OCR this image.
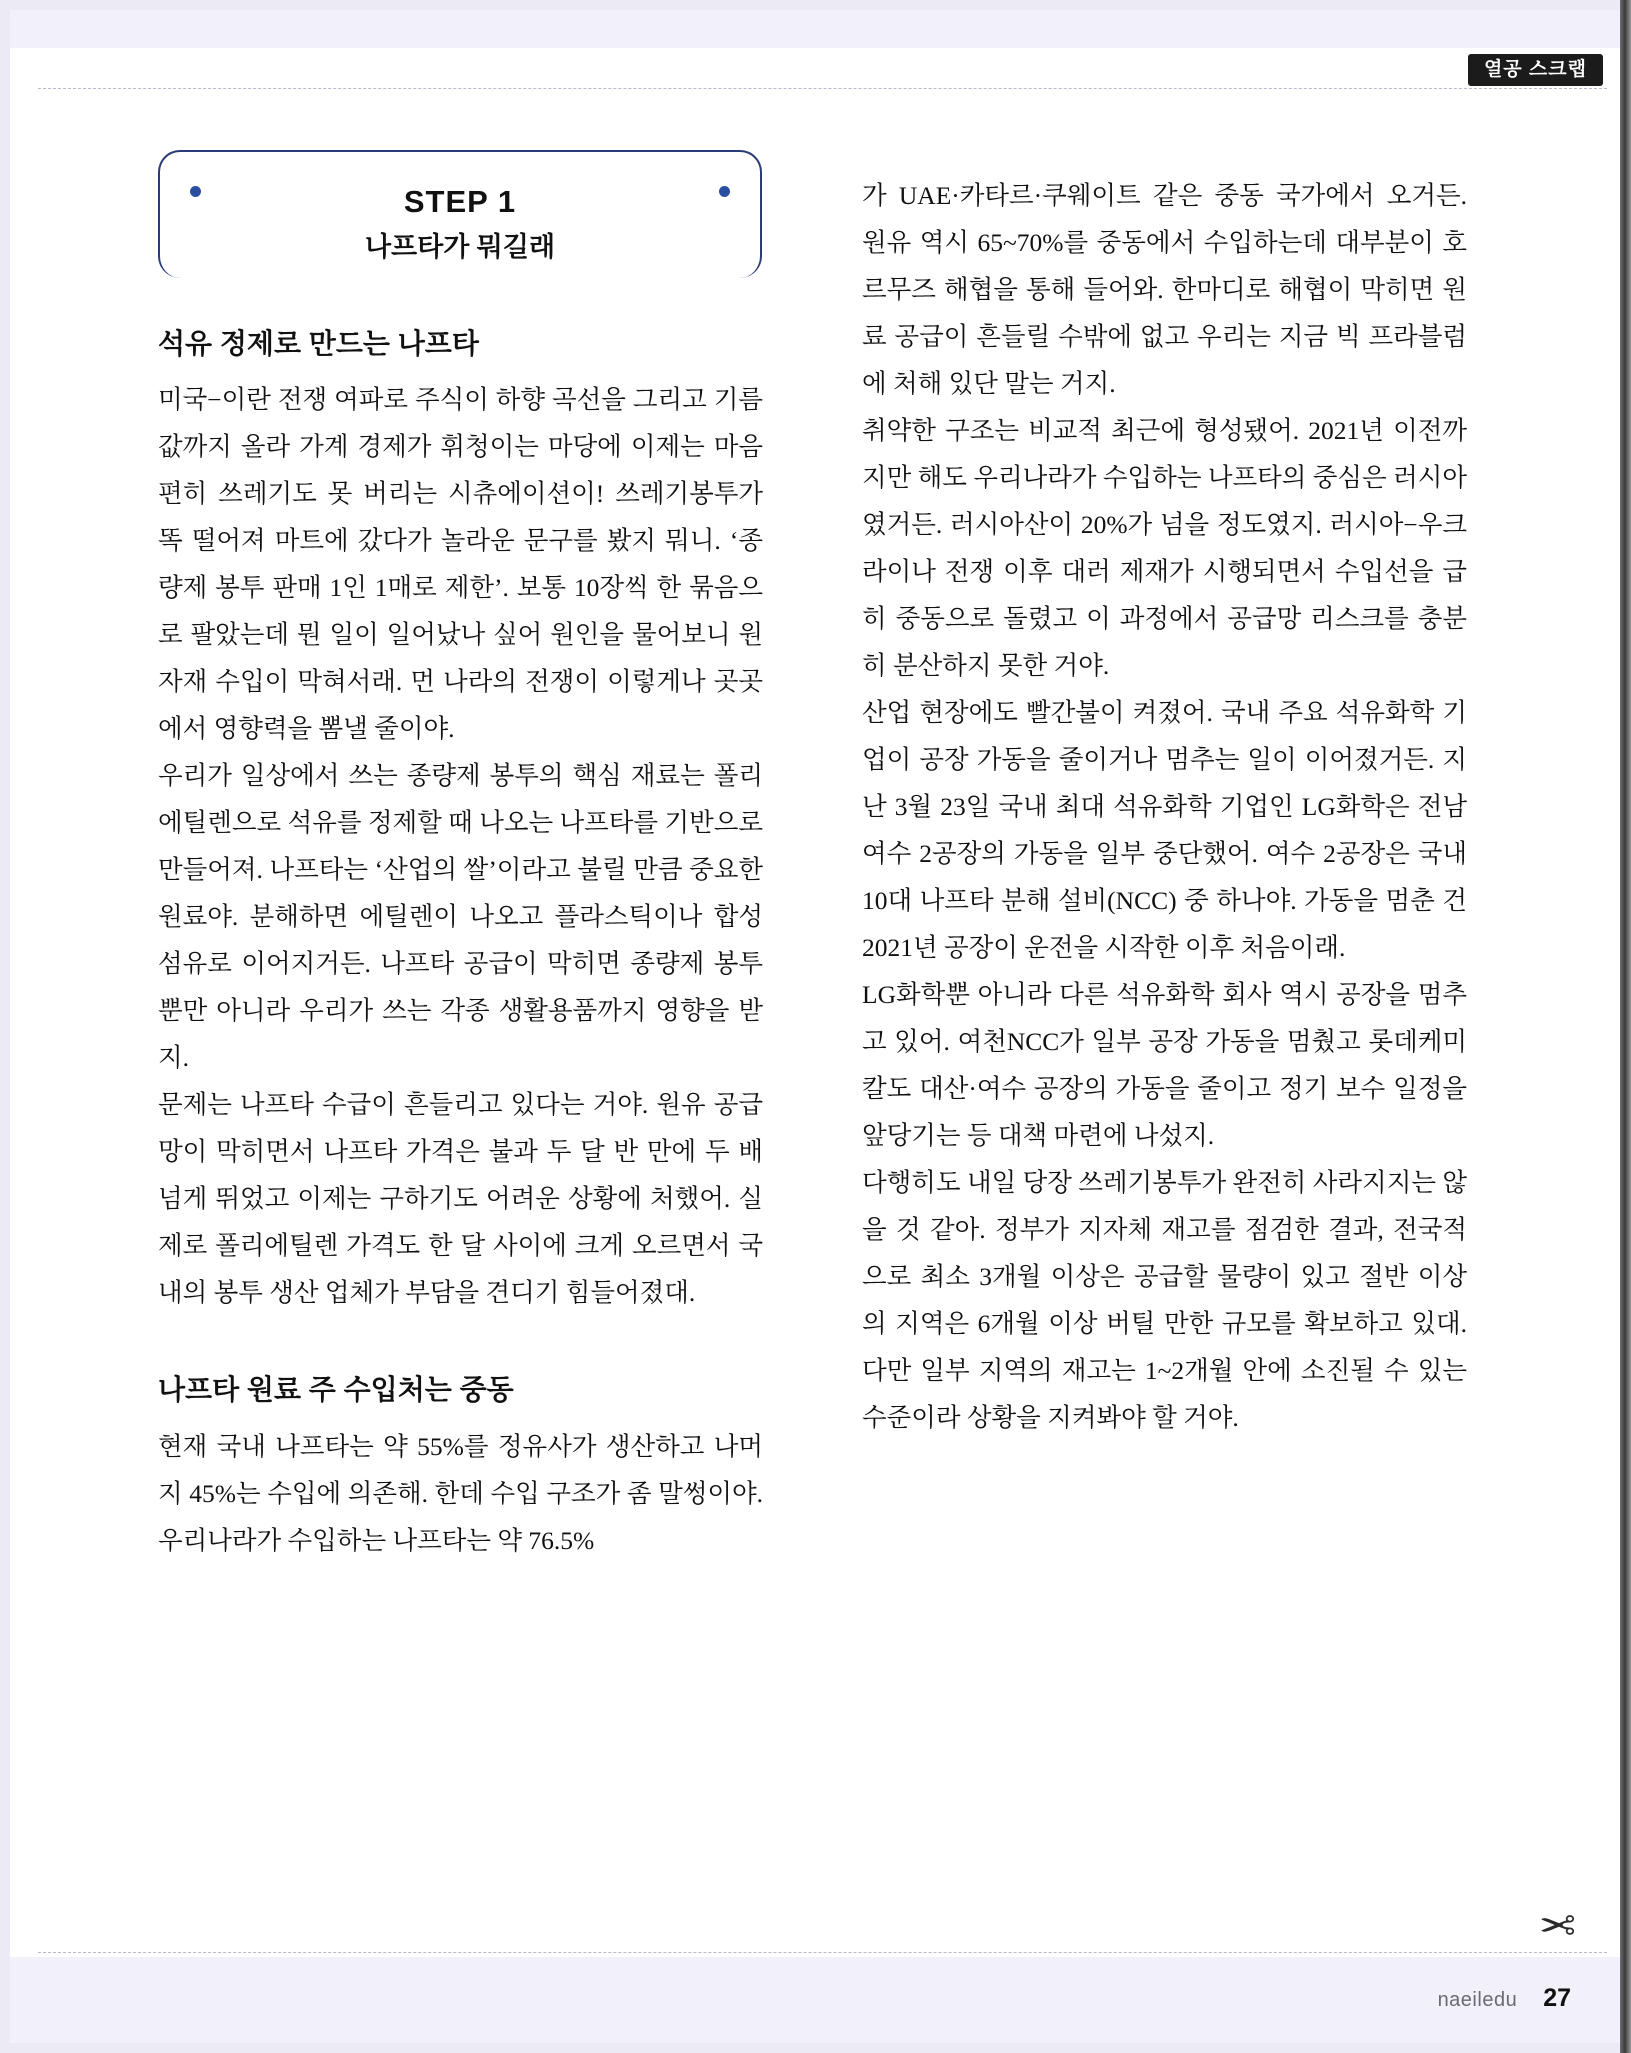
열공 스크랩
✂
STEP 1
나프타가 뭐길래
석유 정제로 만드는 나프타

미국−이란 전쟁 여파로 주식이 하향 곡선을 그리고 기름값까지 올라 가계 경제가 휘청이는 마당에 이제는 마음 편히 쓰레기도 못 버리는 시츄에이션이! 쓰레기봉투가 똑 떨어져 마트에 갔다가 놀라운 문구를 봤지 뭐니. ‘종량제 봉투 판매 1인 1매로 제한’. 보통 10장씩 한 묶음으로 팔았는데 뭔 일이 일어났나 싶어 원인을 물어보니 원자재 수입이 막혀서래. 먼 나라의 전쟁이 이렇게나 곳곳에서 영향력을 뽐낼 줄이야.

우리가 일상에서 쓰는 종량제 봉투의 핵심 재료는 폴리에틸렌으로 석유를 정제할 때 나오는 나프타를 기반으로 만들어져. 나프타는 ‘산업의 쌀’이라고 불릴 만큼 중요한 원료야. 분해하면 에틸렌이 나오고 플라스틱이나 합성 섬유로 이어지거든. 나프타 공급이 막히면 종량제 봉투뿐만 아니라 우리가 쓰는 각종 생활용품까지 영향을 받지.

문제는 나프타 수급이 흔들리고 있다는 거야. 원유 공급망이 막히면서 나프타 가격은 불과 두 달 반 만에 두 배 넘게 뛰었고 이제는 구하기도 어려운 상황에 처했어. 실제로 폴리에틸렌 가격도 한 달 사이에 크게 오르면서 국내의 봉투 생산 업체가 부담을 견디기 힘들어졌대.

나프타 원료 주 수입처는 중동

현재 국내 나프타는 약 55%를 정유사가 생산하고 나머지 45%는 수입에 의존해. 한데 수입 구조가 좀 말썽이야. 우리나라가 수입하는 나프타는 약 76.5%

가 UAE·카타르·쿠웨이트 같은 중동 국가에서 오거든. 원유 역시 65~70%를 중동에서 수입하는데 대부분이 호르무즈 해협을 통해 들어와. 한마디로 해협이 막히면 원료 공급이 흔들릴 수밖에 없고 우리는 지금 빅 프라블럼에 처해 있단 말는 거지.

취약한 구조는 비교적 최근에 형성됐어. 2021년 이전까지만 해도 우리나라가 수입하는 나프타의 중심은 러시아였거든. 러시아산이 20%가 넘을 정도였지. 러시아−우크라이나 전쟁 이후 대러 제재가 시행되면서 수입선을 급히 중동으로 돌렸고 이 과정에서 공급망 리스크를 충분히 분산하지 못한 거야.

산업 현장에도 빨간불이 켜졌어. 국내 주요 석유화학 기업이 공장 가동을 줄이거나 멈추는 일이 이어졌거든. 지난 3월 23일 국내 최대 석유화학 기업인 LG화학은 전남 여수 2공장의 가동을 일부 중단했어. 여수 2공장은 국내 10대 나프타 분해 설비(NCC) 중 하나야. 가동을 멈춘 건 2021년 공장이 운전을 시작한 이후 처음이래.

LG화학뿐 아니라 다른 석유화학 회사 역시 공장을 멈추고 있어. 여천NCC가 일부 공장 가동을 멈췄고 롯데케미칼도 대산·여수 공장의 가동을 줄이고 정기 보수 일정을 앞당기는 등 대책 마련에 나섰지.

다행히도 내일 당장 쓰레기봉투가 완전히 사라지지는 않을 것 같아. 정부가 지자체 재고를 점검한 결과, 전국적으로 최소 3개월 이상은 공급할 물량이 있고 절반 이상의 지역은 6개월 이상 버틸 만한 규모를 확보하고 있대. 다만 일부 지역의 재고는 1~2개월 안에 소진될 수 있는 수준이라 상황을 지켜봐야 할 거야.

naeiledu 27
